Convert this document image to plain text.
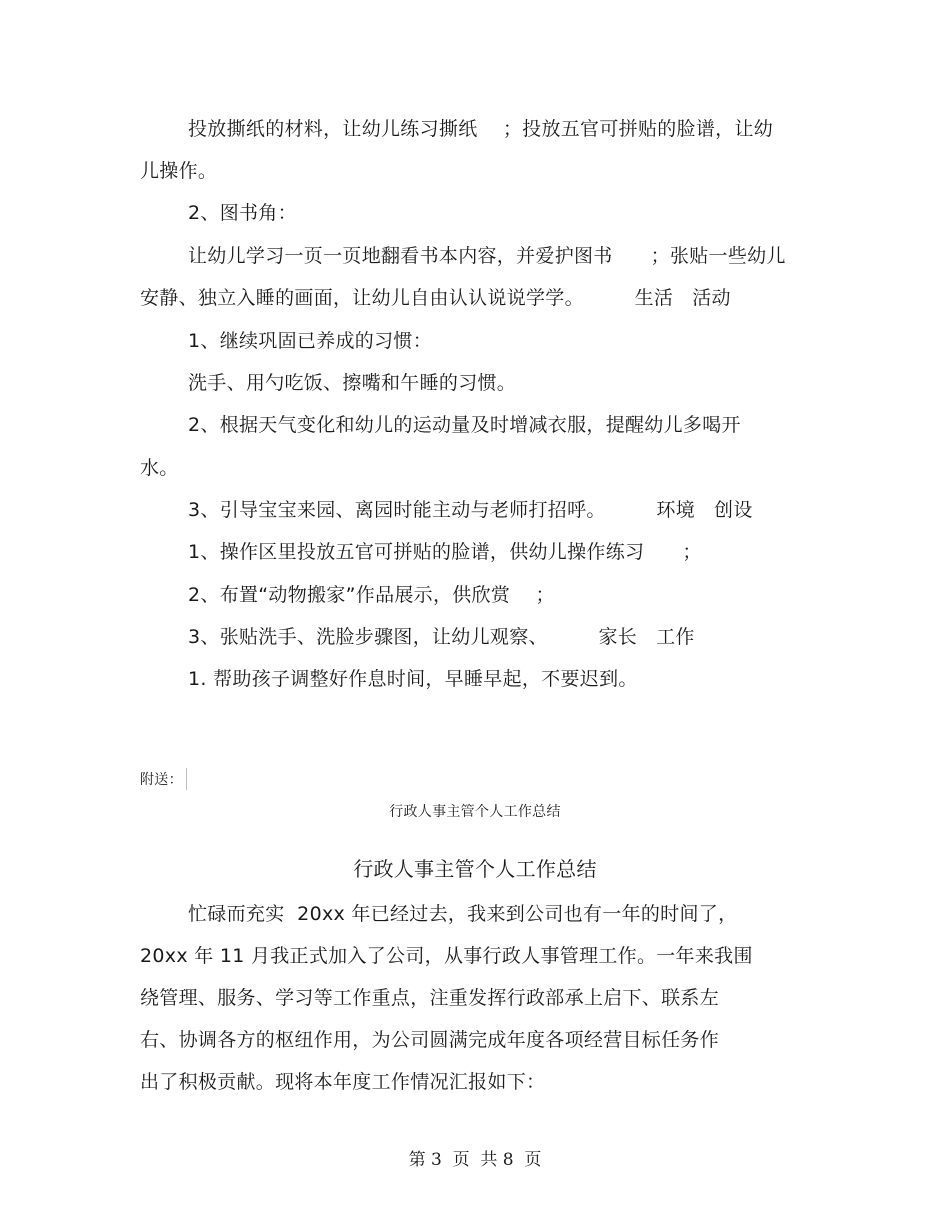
投放撕纸的材料，让幼儿练习撕纸    ；投放五官可拼贴的脸谱，让幼
儿操作。
2、图书角：
让幼儿学习一页一页地翻看书本内容，并爱护图书      ；张贴一些幼儿
安静、独立入睡的画面，让幼儿自由认认说说学学。        生活   活动
1、继续巩固已养成的习惯：
洗手、用勺吃饭、擦嘴和午睡的习惯。
2、根据天气变化和幼儿的运动量及时增减衣服，提醒幼儿多喝开
水。
3、引导宝宝来园、离园时能主动与老师打招呼。        环境   创设
1、操作区里投放五官可拼贴的脸谱，供幼儿操作练习      ；
2、布置“动物搬家”作品展示，供欣赏    ；
3、张贴洗手、洗脸步骤图，让幼儿观察、        家长   工作
1. 帮助孩子调整好作息时间，早睡早起，不要迟到。
附送：
行政人事主管个人工作总结
行政人事主管个人工作总结
忙碌而充实  20xx 年已经过去，我来到公司也有一年的时间了，
20xx 年 11 月我正式加入了公司，从事行政人事管理工作。一年来我围
绕管理、服务、学习等工作重点，注重发挥行政部承上启下、联系左
右、协调各方的枢纽作用，为公司圆满完成年度各项经营目标任务作
出了积极贡献。现将本年度工作情况汇报如下：
第 3  页  共 8  页
